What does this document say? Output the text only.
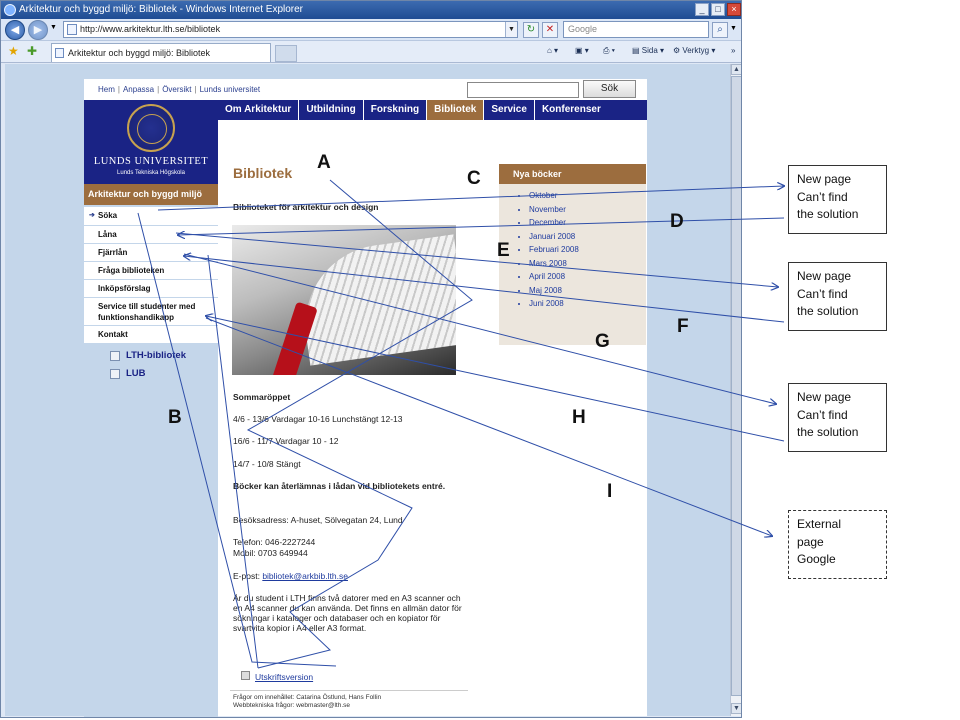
Arkitektur och byggd miljö: Bibliotek - Windows Internet Explorer	_	□	×
◀	▶	▼	http://www.arkitektur.lth.se/bibliotek	▼	↻	✕	Google	⌕	▼
★ ✚	Arkitektur och byggd miljö: Bibliotek	⌂ ▾ ▣ ▾ ⎙ ▾ ▤ Sida ▾ ⚙ Verktyg ▾ »
▲
▼
Hem | Anpassa | Översikt | Lunds universitet	Sök
LUNDS UNIVERSITET
Lunds Tekniska Högskola
Om Arkitektur	Utbildning	Forskning	Bibliotek	Service	Konferenser
Arkitektur och byggd miljö
➔ Söka
Låna
Fjärrlån
Fråga biblioteken
Inköpsförslag
Service till studenter med funktionshandikapp
Kontakt
LTH-bibliotek
LUB
Bibliotek
Biblioteket för arkitektur och design
Sommaröppet
4/6 - 13/6 Vardagar 10-16 Lunchstängt 12-13
16/6 - 11/7 Vardagar 10 - 12
14/7 - 10/8 Stängt
Böcker kan återlämnas i lådan vid bibliotekets entré.
Besöksadress: A-huset, Sölvegatan 24, Lund
Telefon: 046-2227244
Mobil: 0703 649944
E-post: bibliotek@arkbib.lth.se
Är du student i LTH finns två datorer med en A3 scanner och en A4 scanner du kan använda. Det finns en allmän dator för sökningar i kataloger och databaser och en kopiator för svartvita kopior i A4 eller A3 format.
Utskriftsversion
Frågor om innehållet: Catarina Östlund, Hans Follin
Webbtekniska frågor: webmaster@lth.se
Nya böcker
• Oktober
• November
• December
• Januari 2008
• Februari 2008
• Mars 2008
• April 2008
• Maj 2008
• Juni 2008
A
B
C
D
E
F
G
H
I
New page
Can’t find
the solution
New page
Can’t find
the solution
New page
Can’t find
the solution
External
page
Google
